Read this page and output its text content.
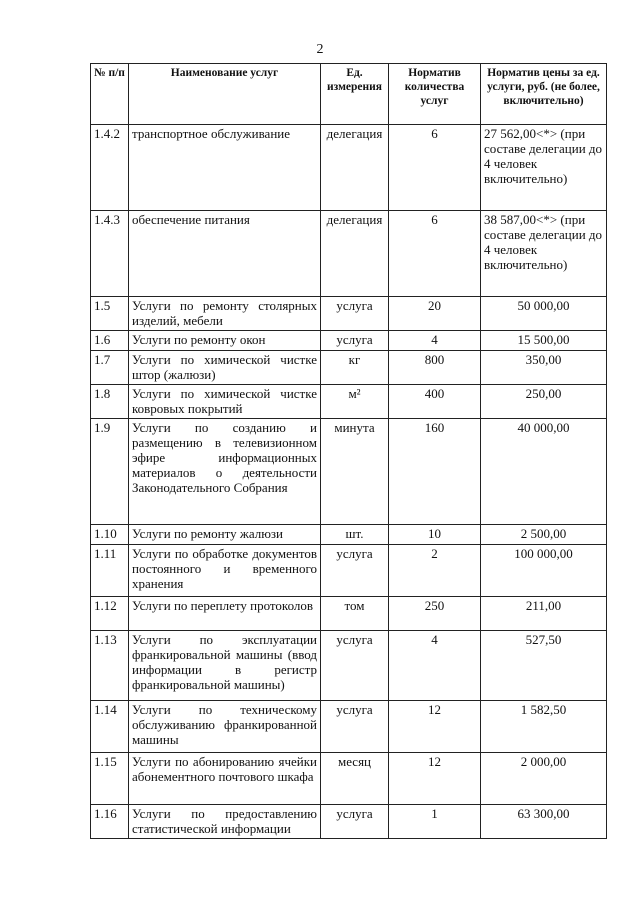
2
№ п/п	Наименование услуг	Ед. измерения	Норматив количества услуг	Норматив цены за ед. услуги, руб. (не более, включительно)
1.4.2	транспортное обслуживание	делегация	6	27 562,00<*> (при составе делегации до 4 человек включительно)
1.4.3	обеспечение питания	делегация	6	38 587,00<*> (при составе делегации до 4 человек включительно)
1.5	Услуги по ремонту столярных изделий, мебели	услуга	20	50 000,00
1.6	Услуги по ремонту окон	услуга	4	15 500,00
1.7	Услуги по химической чистке штор (жалюзи)	кг	800	350,00
1.8	Услуги по химической чистке ковровых покрытий	м²	400	250,00
1.9	Услуги по созданию и размещению в телевизионном эфире информационных материалов о деятельности Законодательного Собрания	минута	160	40 000,00
1.10	Услуги по ремонту жалюзи	шт.	10	2 500,00
1.11	Услуги по обработке документов постоянного и временного хранения	услуга	2	100 000,00
1.12	Услуги по переплету протоколов	том	250	211,00
1.13	Услуги по эксплуатации франкировальной машины (ввод информации в регистр франкировальной машины)	услуга	4	527,50
1.14	Услуги по техническому обслуживанию франкированной машины	услуга	12	1 582,50
1.15	Услуги по абонированию ячейки абонементного почтового шкафа	месяц	12	2 000,00
1.16	Услуги по предоставлению статистической информации	услуга	1	63 300,00
